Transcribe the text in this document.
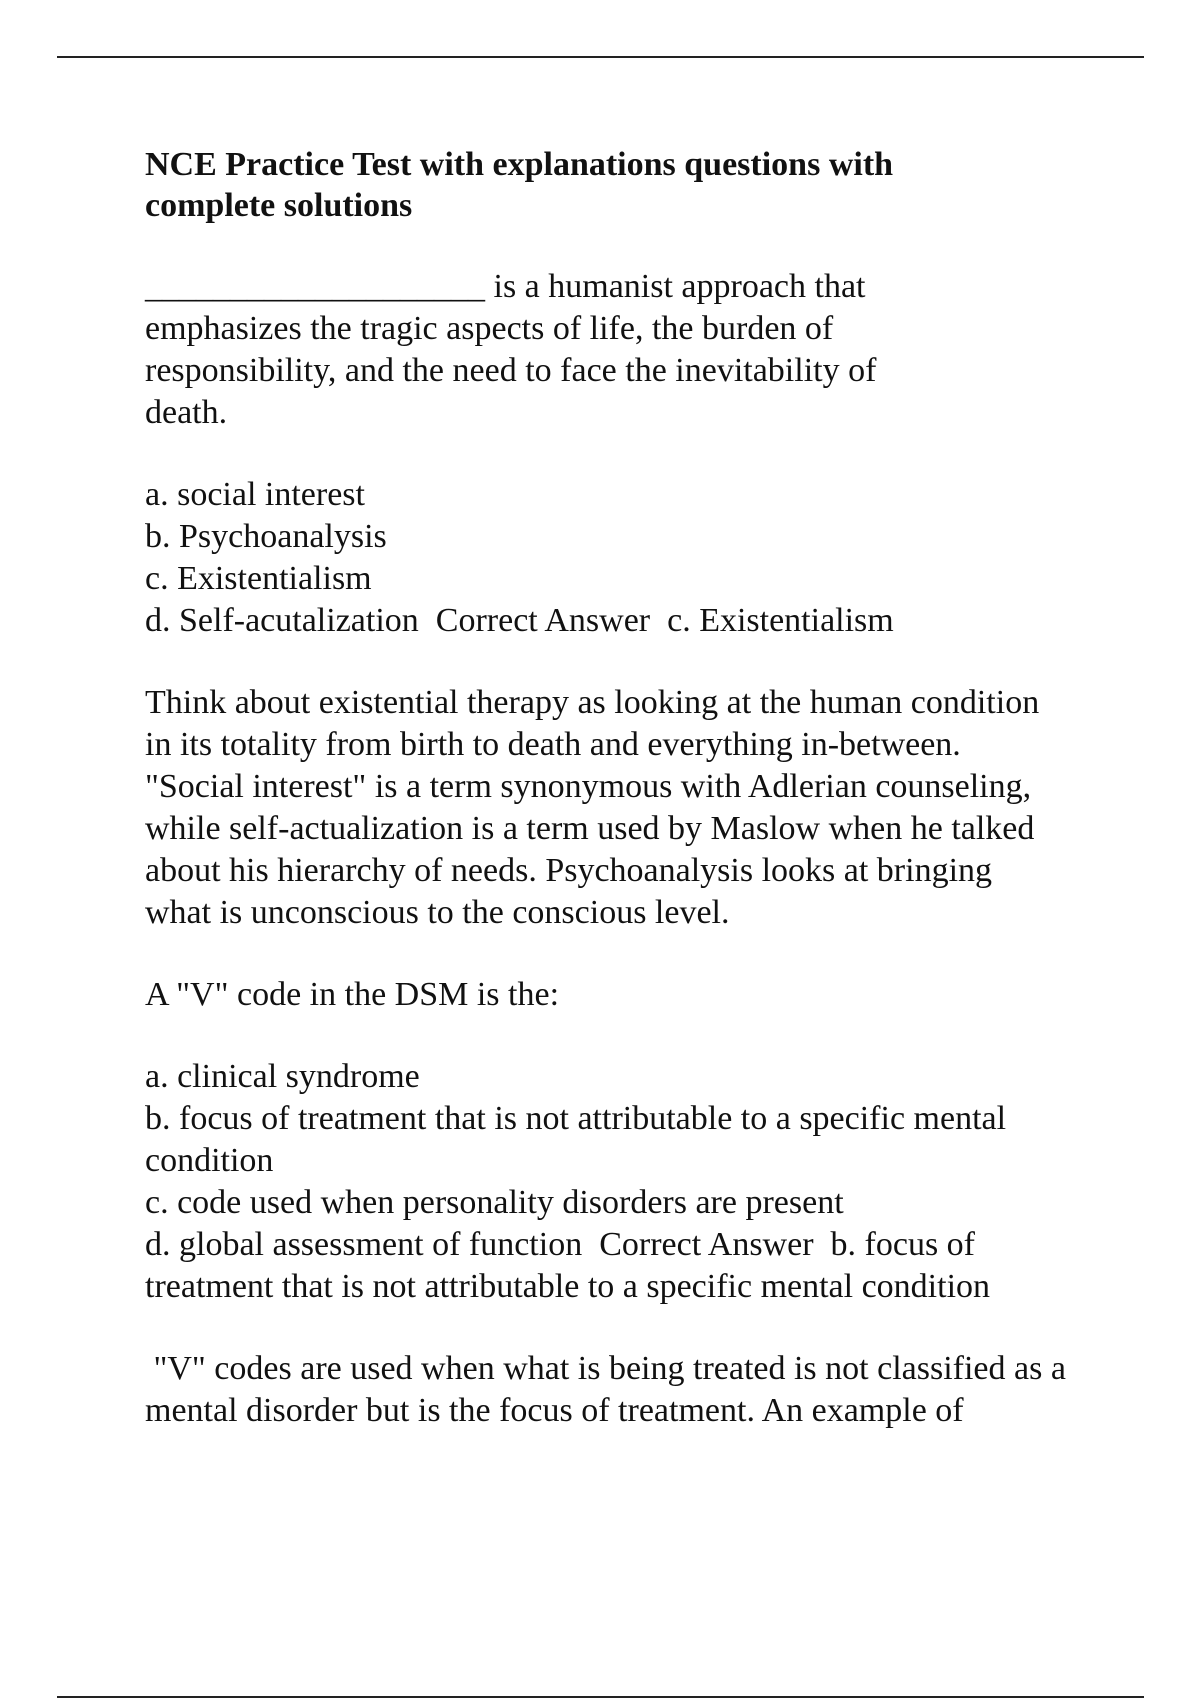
NCE Practice Test with explanations questions with complete solutions

____________________ is a humanist approach that emphasizes the tragic aspects of life, the burden of responsibility, and the need to face the inevitability of death.

a. social interest
b. Psychoanalysis
c. Existentialism
d. Self-acutalization  Correct Answer  c. Existentialism

Think about existential therapy as looking at the human condition in its totality from birth to death and everything in-between. "Social interest" is a term synonymous with Adlerian counseling, while self-actualization is a term used by Maslow when he talked about his hierarchy of needs. Psychoanalysis looks at bringing what is unconscious to the conscious level.

A "V" code in the DSM is the:

a. clinical syndrome
b. focus of treatment that is not attributable to a specific mental condition
c. code used when personality disorders are present
d. global assessment of function  Correct Answer  b. focus of treatment that is not attributable to a specific mental condition

"V" codes are used when what is being treated is not classified as a mental disorder but is the focus of treatment. An example of
